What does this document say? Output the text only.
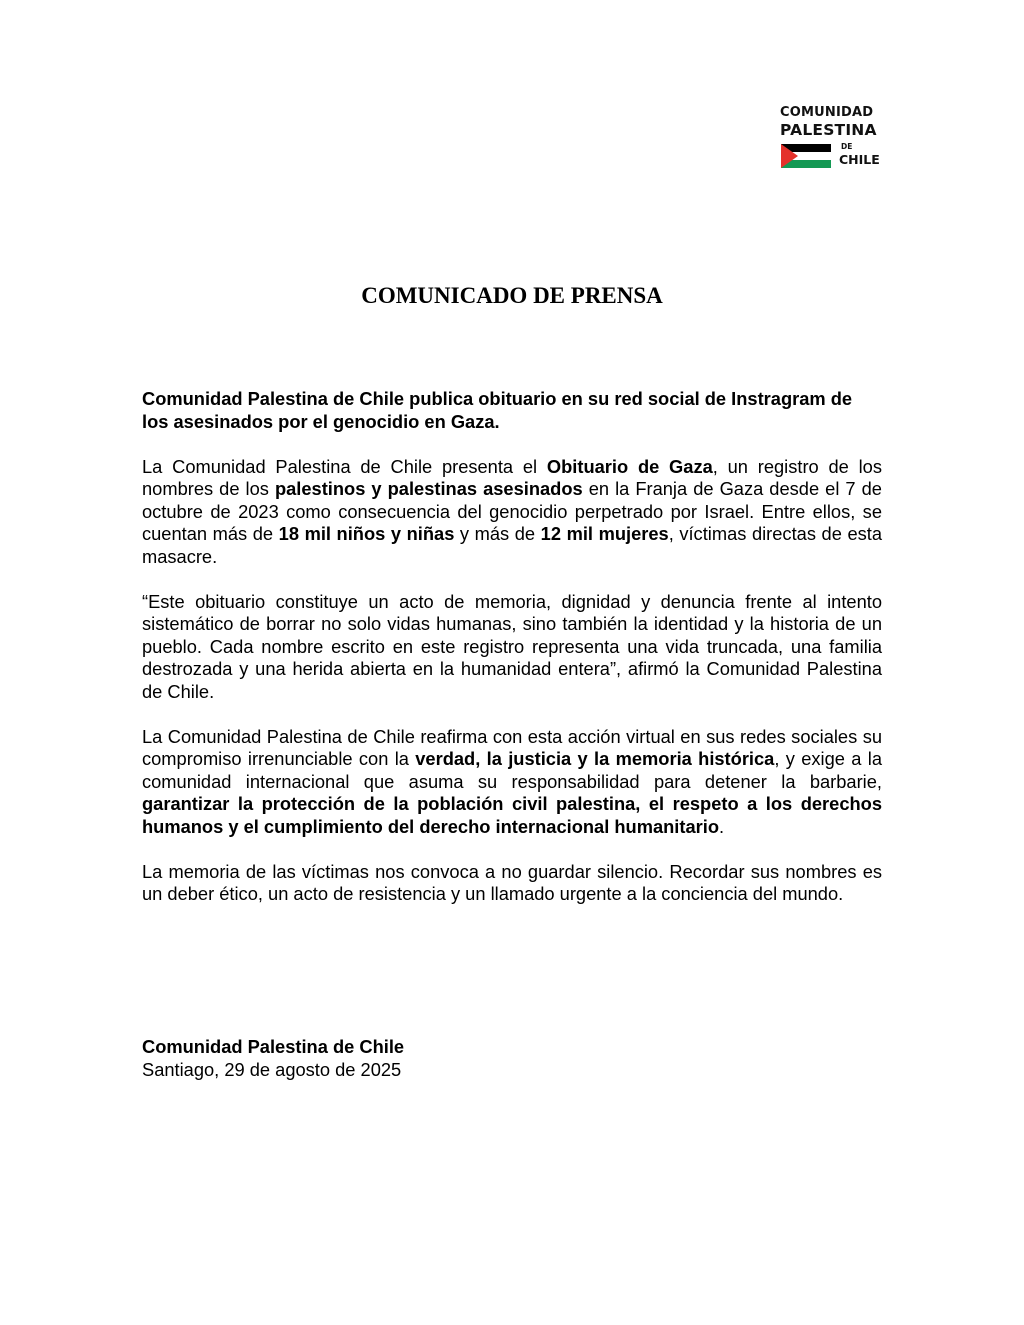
COMUNIDAD
PALESTINA
DE
CHILE
COMUNICADO DE PRENSA

Comunidad Palestina de Chile publica obituario en su red social de Instragram de los asesinados por el genocidio en Gaza.

La Comunidad Palestina de Chile presenta el Obituario de Gaza, un registro de los nombres de los palestinos y palestinas asesinados en la Franja de Gaza desde el 7 de octubre de 2023 como consecuencia del genocidio perpetrado por Israel. Entre ellos, se cuentan más de 18 mil niños y niñas y más de 12 mil mujeres, víctimas directas de esta masacre.

“Este obituario constituye un acto de memoria, dignidad y denuncia frente al intento sistemático de borrar no solo vidas humanas, sino también la identidad y la historia de un pueblo. Cada nombre escrito en este registro representa una vida truncada, una familia destrozada y una herida abierta en la humanidad entera”, afirmó la Comunidad Palestina de Chile.

La Comunidad Palestina de Chile reafirma con esta acción virtual en sus redes sociales su compromiso irrenunciable con la verdad, la justicia y la memoria histórica, y exige a la comunidad internacional que asuma su responsabilidad para detener la barbarie, garantizar la protección de la población civil palestina, el respeto a los derechos humanos y el cumplimiento del derecho internacional humanitario.

La memoria de las víctimas nos convoca a no guardar silencio. Recordar sus nombres es un deber ético, un acto de resistencia y un llamado urgente a la conciencia del mundo.

Comunidad Palestina de Chile
Santiago, 29 de agosto de 2025
